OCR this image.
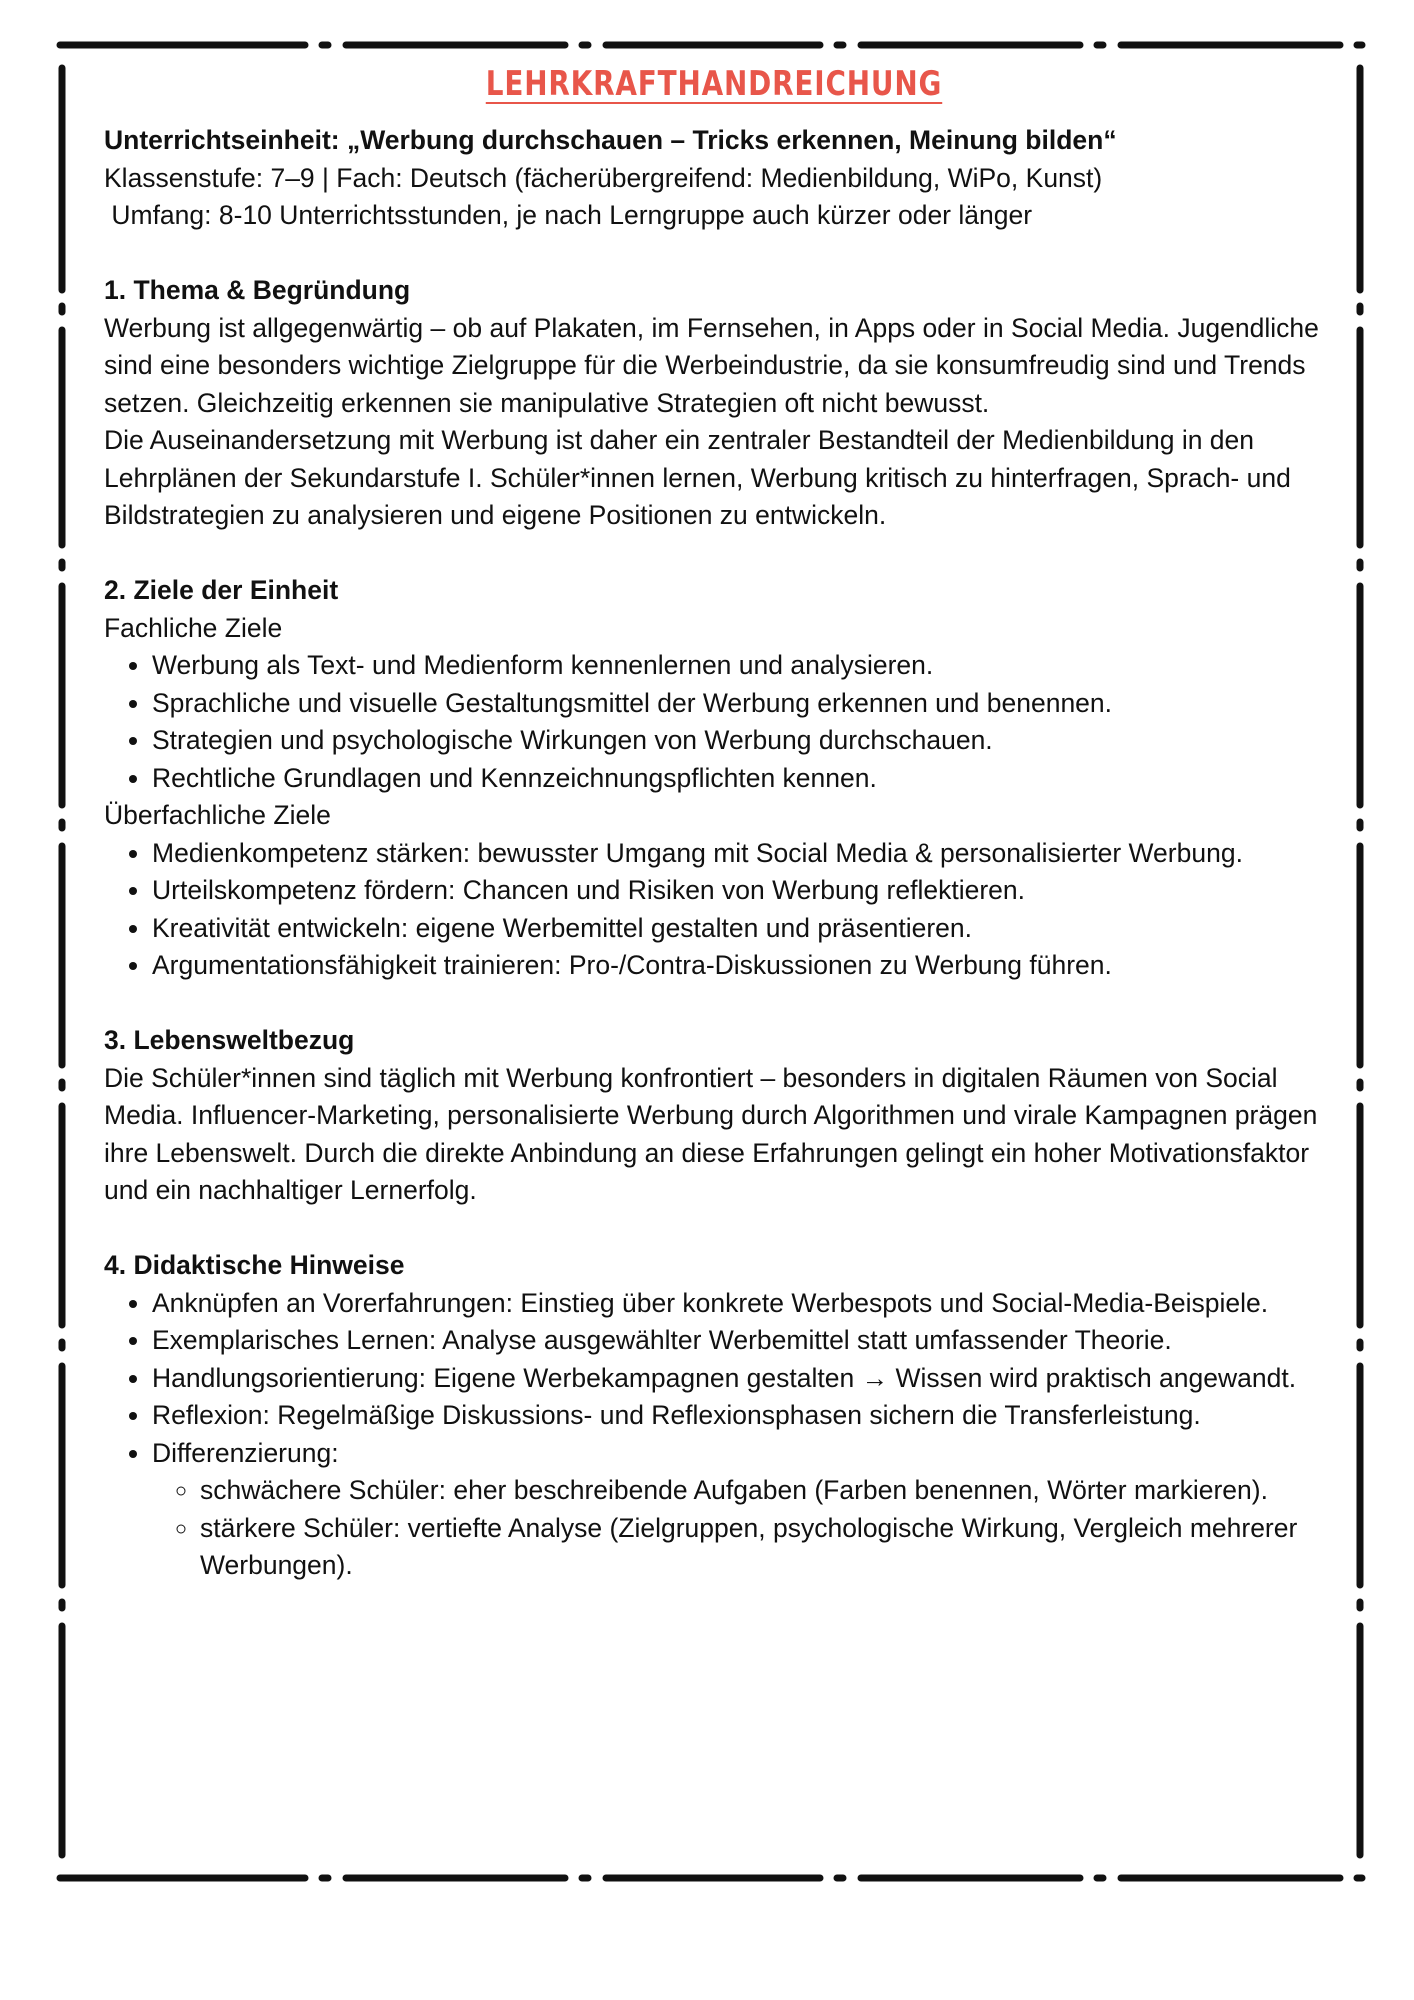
LEHRKRAFTHANDREICHUNG

Unterrichtseinheit: „Werbung durchschauen – Tricks erkennen, Meinung bilden“

Klassenstufe: 7–9 | Fach: Deutsch (fächerübergreifend: Medienbildung, WiPo, Kunst)

Umfang: 8-10 Unterrichtsstunden, je nach Lerngruppe auch kürzer oder länger

1. Thema & Begründung

Werbung ist allgegenwärtig – ob auf Plakaten, im Fernsehen, in Apps oder in Social Media. Jugendliche sind eine besonders wichtige Zielgruppe für die Werbeindustrie, da sie konsumfreudig sind und Trends setzen. Gleichzeitig erkennen sie manipulative Strategien oft nicht bewusst.

Die Auseinandersetzung mit Werbung ist daher ein zentraler Bestandteil der Medienbildung in den Lehrplänen der Sekundarstufe I. Schüler*innen lernen, Werbung kritisch zu hinterfragen, Sprach- und Bildstrategien zu analysieren und eigene Positionen zu entwickeln.

2. Ziele der Einheit

Fachliche Ziele

• Werbung als Text- und Medienform kennenlernen und analysieren.
• Sprachliche und visuelle Gestaltungsmittel der Werbung erkennen und benennen.
• Strategien und psychologische Wirkungen von Werbung durchschauen.
• Rechtliche Grundlagen und Kennzeichnungspflichten kennen.

Überfachliche Ziele

• Medienkompetenz stärken: bewusster Umgang mit Social Media & personalisierter Werbung.
• Urteilskompetenz fördern: Chancen und Risiken von Werbung reflektieren.
• Kreativität entwickeln: eigene Werbemittel gestalten und präsentieren.
• Argumentationsfähigkeit trainieren: Pro-/Contra-Diskussionen zu Werbung führen.

3. Lebensweltbezug

Die Schüler*innen sind täglich mit Werbung konfrontiert – besonders in digitalen Räumen von Social Media. Influencer-Marketing, personalisierte Werbung durch Algorithmen und virale Kampagnen prägen ihre Lebenswelt. Durch die direkte Anbindung an diese Erfahrungen gelingt ein hoher Motivationsfaktor und ein nachhaltiger Lernerfolg.

4. Didaktische Hinweise

• Anknüpfen an Vorerfahrungen: Einstieg über konkrete Werbespots und Social-Media-Beispiele.
• Exemplarisches Lernen: Analyse ausgewählter Werbemittel statt umfassender Theorie.
• Handlungsorientierung: Eigene Werbekampagnen gestalten → Wissen wird praktisch angewandt.
• Reflexion: Regelmäßige Diskussions- und Reflexionsphasen sichern die Transferleistung.
• Differenzierung:
◦ schwächere Schüler: eher beschreibende Aufgaben (Farben benennen, Wörter markieren).
◦ stärkere Schüler: vertiefte Analyse (Zielgruppen, psychologische Wirkung, Vergleich mehrerer Werbungen).
